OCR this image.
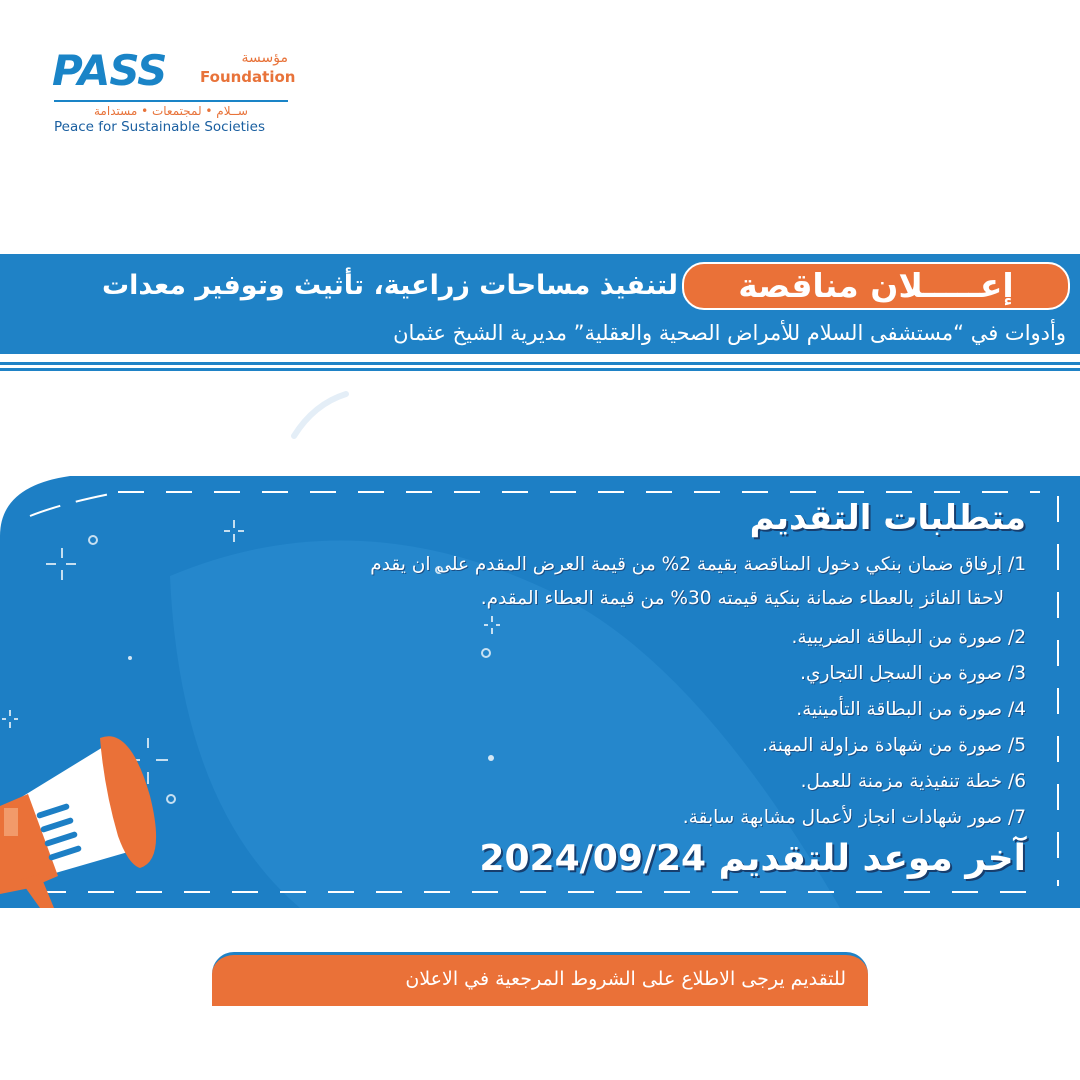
PASS	مؤسسة
Foundation
ســلام • لمجتمعات • مستدامة
Peace for Sustainable Societies
إعـــــلان مناقصة
لتنفيذ مساحات زراعية، تأثيث وتوفير معدات
وأدوات في “مستشفى السلام للأمراض الصحية والعقلية” مديرية الشيخ عثمان
متطلبات التقديم
1/ إرفاق ضمان بنكي دخول المناقصة بقيمة 2% من قيمة العرض المقدم على ان يقدم
لاحقا الفائز بالعطاء ضمانة بنكية قيمته 30% من قيمة العطاء المقدم.
2/ صورة من البطاقة الضريبية.
3/ صورة من السجل التجاري.
4/ صورة من البطاقة التأمينية.
5/ صورة من شهادة مزاولة المهنة.
6/ خطة تنفيذية مزمنة للعمل.
7/ صور شهادات انجاز لأعمال مشابهة سابقة.
آخر موعد للتقديم 2024/09/24
للتقديم يرجى الاطلاع على الشروط المرجعية في الاعلان
